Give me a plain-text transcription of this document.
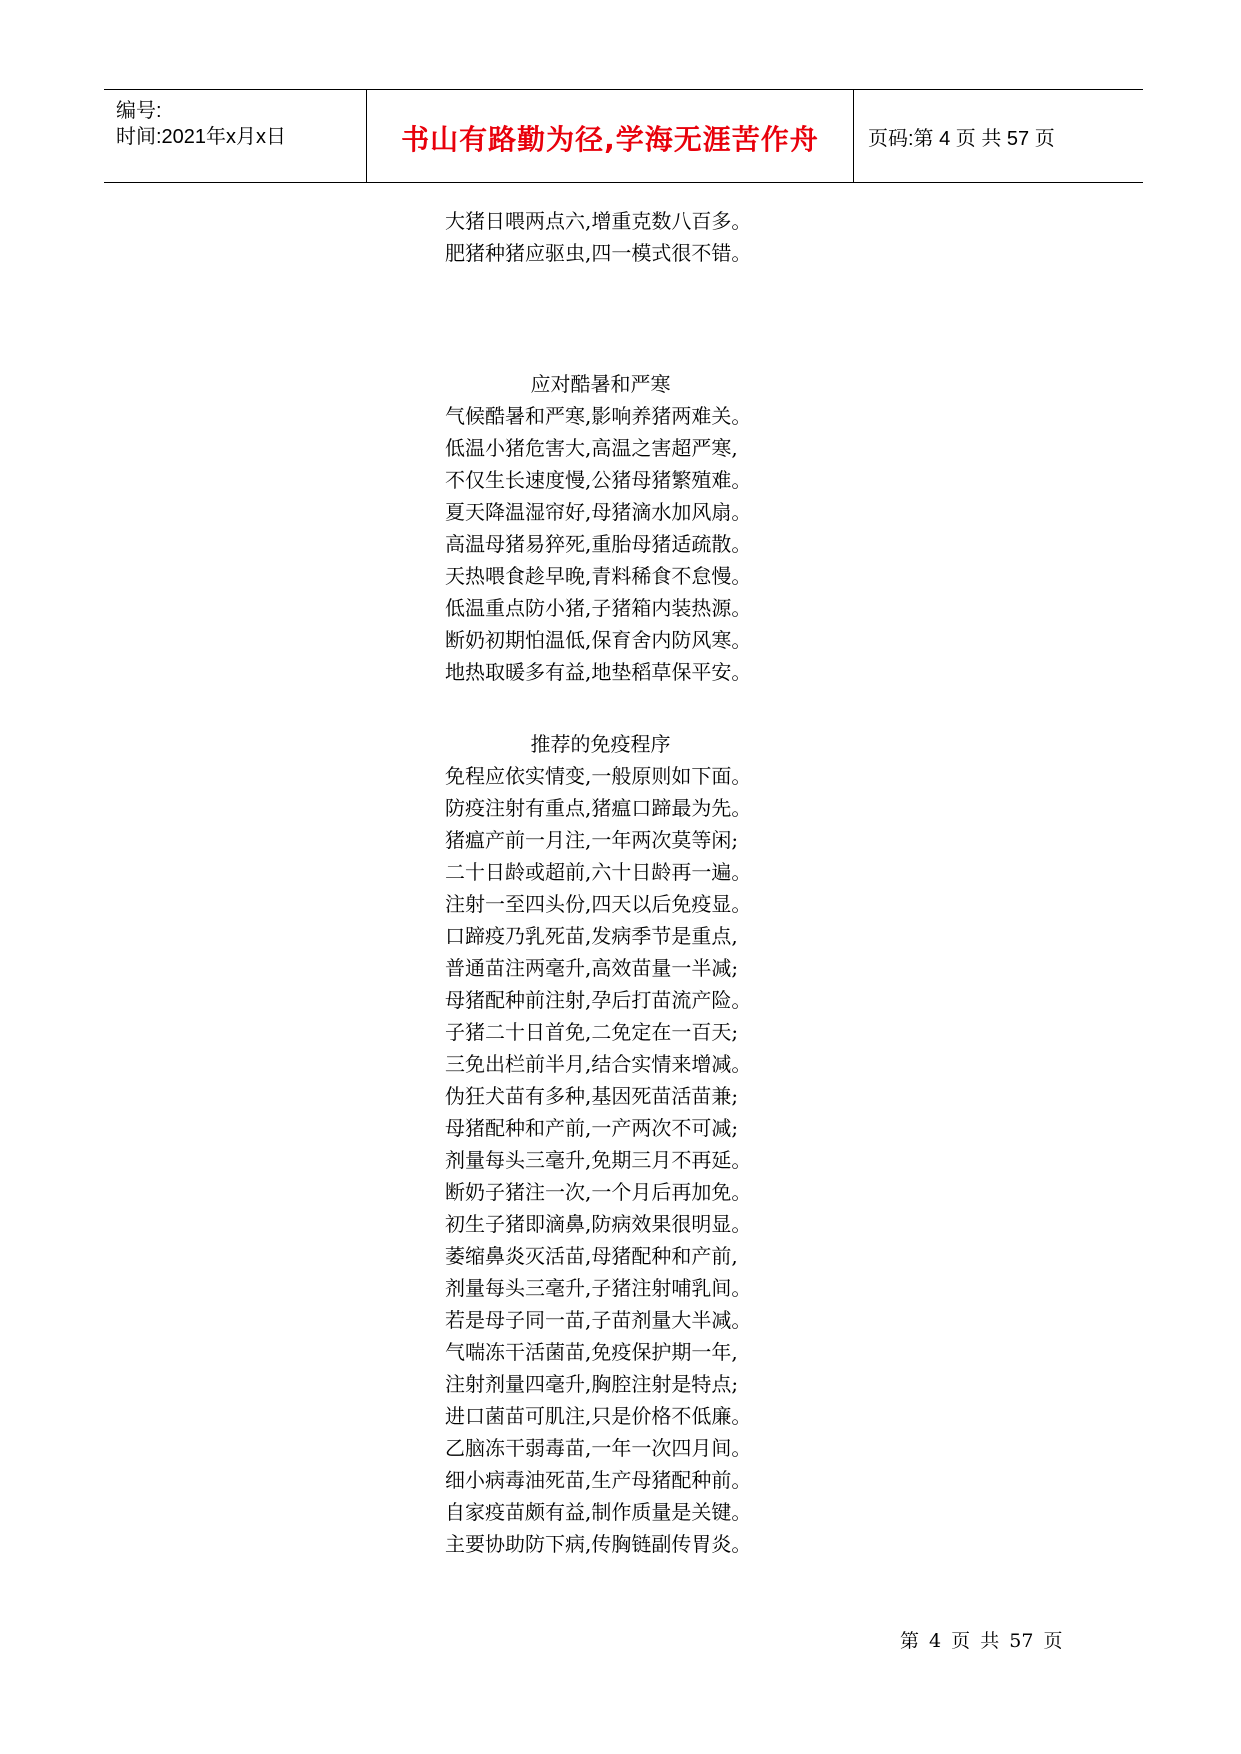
编号:
时间:2021年x月x日	书山有路勤为径,学海无涯苦作舟	页码:第 4 页 共 57 页
大猪日喂两点六,增重克数八百多。
肥猪种猪应驱虫,四一模式很不错。
应对酷暑和严寒
气候酷暑和严寒,影响养猪两难关。
低温小猪危害大,高温之害超严寒,
不仅生长速度慢,公猪母猪繁殖难。
夏天降温湿帘好,母猪滴水加风扇。
高温母猪易猝死,重胎母猪适疏散。
天热喂食趁早晚,青料稀食不怠慢。
低温重点防小猪,子猪箱内装热源。
断奶初期怕温低,保育舍内防风寒。
地热取暖多有益,地垫稻草保平安。
推荐的免疫程序
免程应依实情变,一般原则如下面。
防疫注射有重点,猪瘟口蹄最为先。
猪瘟产前一月注,一年两次莫等闲;
二十日龄或超前,六十日龄再一遍。
注射一至四头份,四天以后免疫显。
口蹄疫乃乳死苗,发病季节是重点,
普通苗注两毫升,高效苗量一半减;
母猪配种前注射,孕后打苗流产险。
子猪二十日首免,二免定在一百天;
三免出栏前半月,结合实情来增减。
伪狂犬苗有多种,基因死苗活苗兼;
母猪配种和产前,一产两次不可减;
剂量每头三毫升,免期三月不再延。
断奶子猪注一次,一个月后再加免。
初生子猪即滴鼻,防病效果很明显。
萎缩鼻炎灭活苗,母猪配种和产前,
剂量每头三毫升,子猪注射哺乳间。
若是母子同一苗,子苗剂量大半减。
气喘冻干活菌苗,免疫保护期一年,
注射剂量四毫升,胸腔注射是特点;
进口菌苗可肌注,只是价格不低廉。
乙脑冻干弱毒苗,一年一次四月间。
细小病毒油死苗,生产母猪配种前。
自家疫苗颇有益,制作质量是关键。
主要协助防下病,传胸链副传胃炎。
第 4 页 共 57 页
